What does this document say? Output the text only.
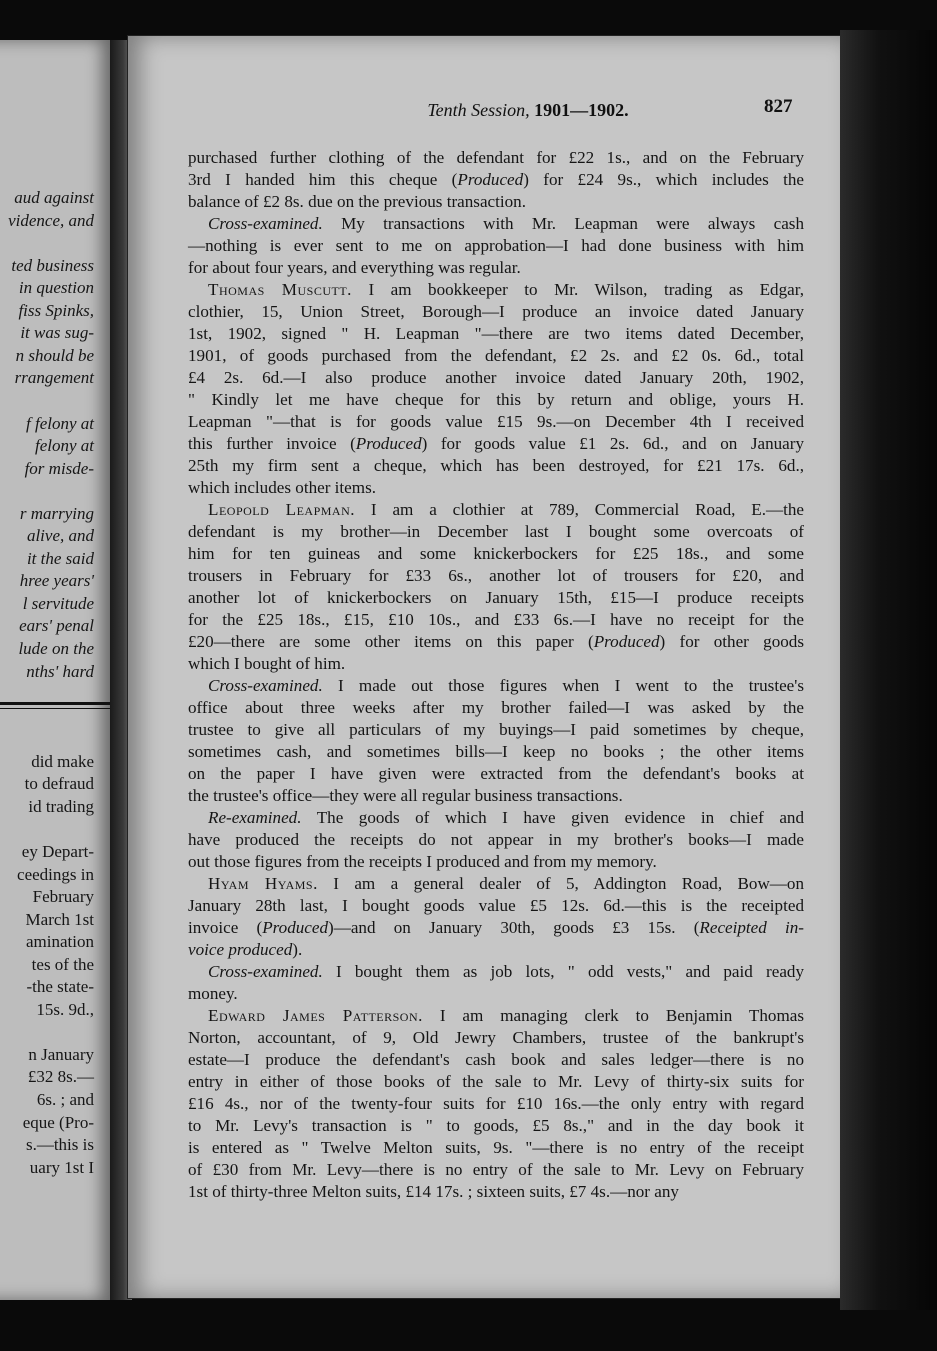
aud against
vidence, and
ted business
in question
fiss Spinks,
it was sug-
n should be
rrangement
f felony at
felony at
for misde-
r marrying
alive, and
it the said
hree years'
l servitude
ears' penal
lude on the
nths' hard
did make
to defraud
id trading
ey Depart-
ceedings in
February
March 1st
amination
tes of the
-the state-
15s. 9d.,
n January
£32 8s.—
6s. ; and
eque (Pro-
s.—this is
uary 1st I
Tenth Session, 1901—1902.	827
purchased further clothing of the defendant for £22 1s., and on the February
3rd I handed him this cheque (Produced) for £24 9s., which includes the
balance of £2 8s. due on the previous transaction.
Cross-examined. My transactions with Mr. Leapman were always cash
—nothing is ever sent to me on approbation—I had done business with him
for about four years, and everything was regular.
Thomas Muscutt. I am bookkeeper to Mr. Wilson, trading as Edgar,
clothier, 15, Union Street, Borough—I produce an invoice dated January
1st, 1902, signed " H. Leapman "—there are two items dated December,
1901, of goods purchased from the defendant, £2 2s. and £2 0s. 6d., total
£4 2s. 6d.—I also produce another invoice dated January 20th, 1902,
" Kindly let me have cheque for this by return and oblige, yours H.
Leapman "—that is for goods value £15 9s.—on December 4th I received
this further invoice (Produced) for goods value £1 2s. 6d., and on January
25th my firm sent a cheque, which has been destroyed, for £21 17s. 6d.,
which includes other items.
Leopold Leapman. I am a clothier at 789, Commercial Road, E.—the
defendant is my brother—in December last I bought some overcoats of
him for ten guineas and some knickerbockers for £25 18s., and some
trousers in February for £33 6s., another lot of trousers for £20, and
another lot of knickerbockers on January 15th, £15—I produce receipts
for the £25 18s., £15, £10 10s., and £33 6s.—I have no receipt for the
£20—there are some other items on this paper (Produced) for other goods
which I bought of him.
Cross-examined. I made out those figures when I went to the trustee's
office about three weeks after my brother failed—I was asked by the
trustee to give all particulars of my buyings—I paid sometimes by cheque,
sometimes cash, and sometimes bills—I keep no books ; the other items
on the paper I have given were extracted from the defendant's books at
the trustee's office—they were all regular business transactions.
Re-examined. The goods of which I have given evidence in chief and
have produced the receipts do not appear in my brother's books—I made
out those figures from the receipts I produced and from my memory.
Hyam Hyams. I am a general dealer of 5, Addington Road, Bow—on
January 28th last, I bought goods value £5 12s. 6d.—this is the receipted
invoice (Produced)—and on January 30th, goods £3 15s. (Receipted in-
voice produced).
Cross-examined. I bought them as job lots, " odd vests," and paid ready
money.
Edward James Patterson. I am managing clerk to Benjamin Thomas
Norton, accountant, of 9, Old Jewry Chambers, trustee of the bankrupt's
estate—I produce the defendant's cash book and sales ledger—there is no
entry in either of those books of the sale to Mr. Levy of thirty-six suits for
£16 4s., nor of the twenty-four suits for £10 16s.—the only entry with regard
to Mr. Levy's transaction is " to goods, £5 8s.," and in the day book it
is entered as " Twelve Melton suits, 9s. "—there is no entry of the receipt
of £30 from Mr. Levy—there is no entry of the sale to Mr. Levy on February
1st of thirty-three Melton suits, £14 17s. ; sixteen suits, £7 4s.—nor any
